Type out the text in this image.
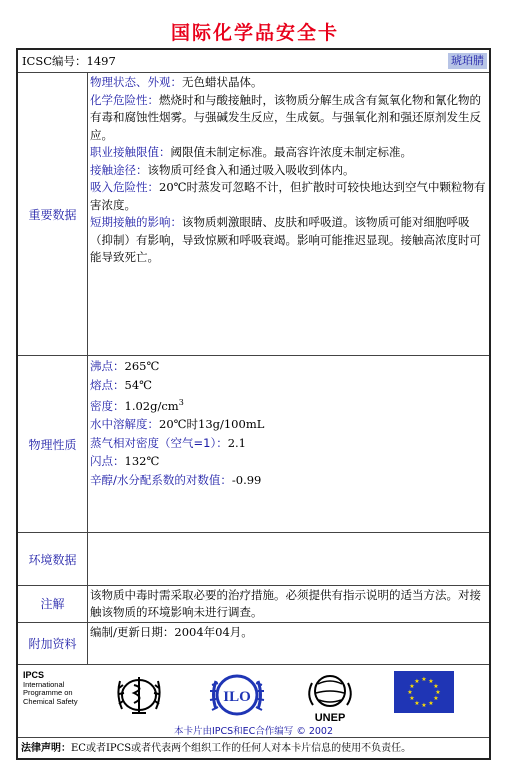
国际化学品安全卡
ICSC编号：1497	琥珀腈
重要数据
物理状态、外观：无色蜡状晶体。
化学危险性：燃烧时和与酸接触时，该物质分解生成含有氮氧化物和氰化物的有毒和腐蚀性烟雾。与强碱发生反应，生成氨。与强氧化剂和强还原剂发生反应。
职业接触限值：阈限值未制定标准。最高容许浓度未制定标准。
接触途径：该物质可经食入和通过吸入吸收到体内。
吸入危险性：20℃时蒸发可忽略不计，但扩散时可较快地达到空气中颗粒物有害浓度。
短期接触的影响：该物质刺激眼睛、皮肤和呼吸道。该物质可能对细胞呼吸（抑制）有影响，导致惊厥和呼吸衰竭。影响可能推迟显现。接触高浓度时可能导致死亡。
物理性质
沸点：265℃
熔点：54℃
密度：$1.02g/cm^3$
水中溶解度：20℃时13g/100mL
蒸气相对密度（空气=1）：2.1
闪点：132℃
辛醇/水分配系数的对数值：-0.99
环境数据
注解
该物质中毒时需采取必要的治疗措施。必须提供有指示说明的适当方法。对接触该物质的环境影响未进行调查。
附加资料
编制/更新日期：2004年04月。
IPCS
International
Programme on
Chemical Safety	ILO
UNEP
★ ★
★
★
★
★
★
★
★
★
★
★
本卡片由IPCS和EC合作编写 © 2002
法律声明：EC或者IPCS或者代表两个组织工作的任何人对本卡片信息的使用不负责任。
